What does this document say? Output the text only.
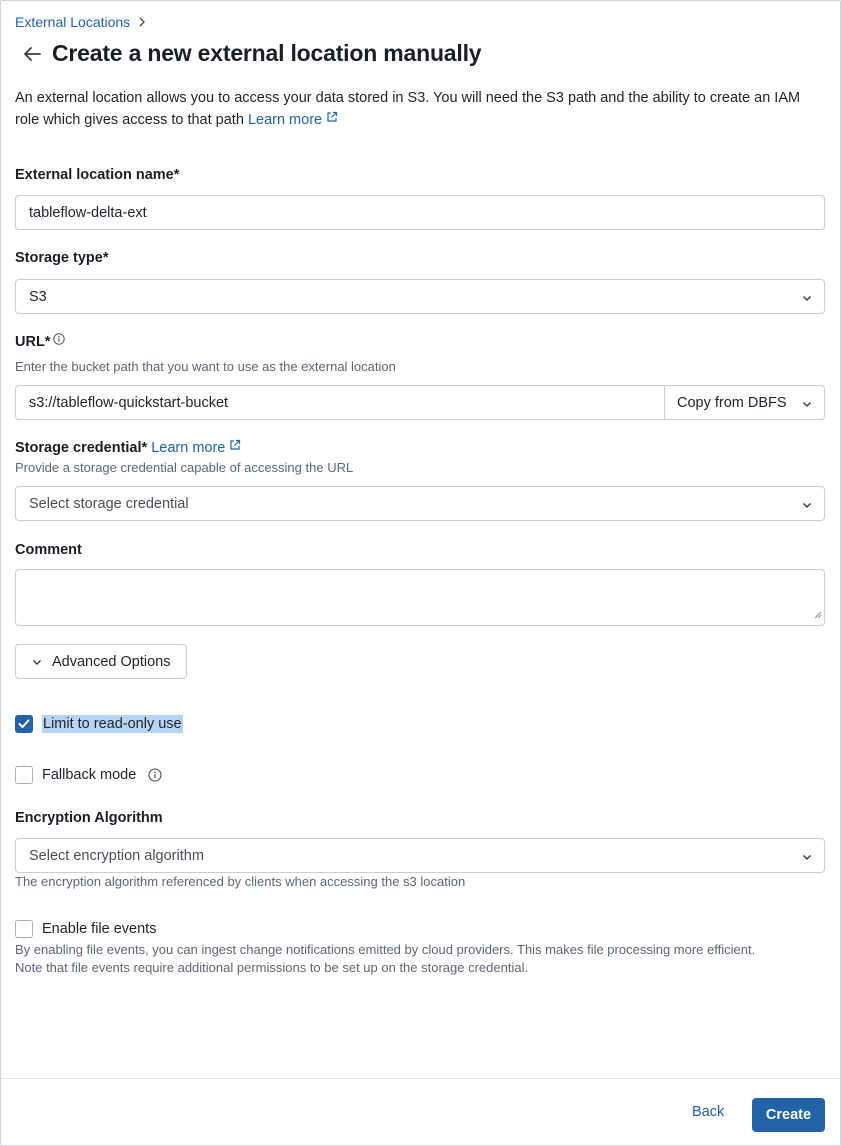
External Locations
Create a new external location manually
An external location allows you to access your data stored in S3. You will need the S3 path and the ability to create an IAM role which gives access to that path Learn more
External location name*
tableflow-delta-ext
Storage type*
S3
URL*
Enter the bucket path that you want to use as the external location
s3://tableflow-quickstart-bucket	Copy from DBFS
Storage credential* Learn more
Provide a storage credential capable of accessing the URL
Select storage credential
Comment
Advanced Options
Limit to read-only use
Fallback mode
Encryption Algorithm
Select encryption algorithm
The encryption algorithm referenced by clients when accessing the s3 location
Enable file events
By enabling file events, you can ingest change notifications emitted by cloud providers. This makes file processing more efficient.
Note that file events require additional permissions to be set up on the storage credential.
Back	Create
